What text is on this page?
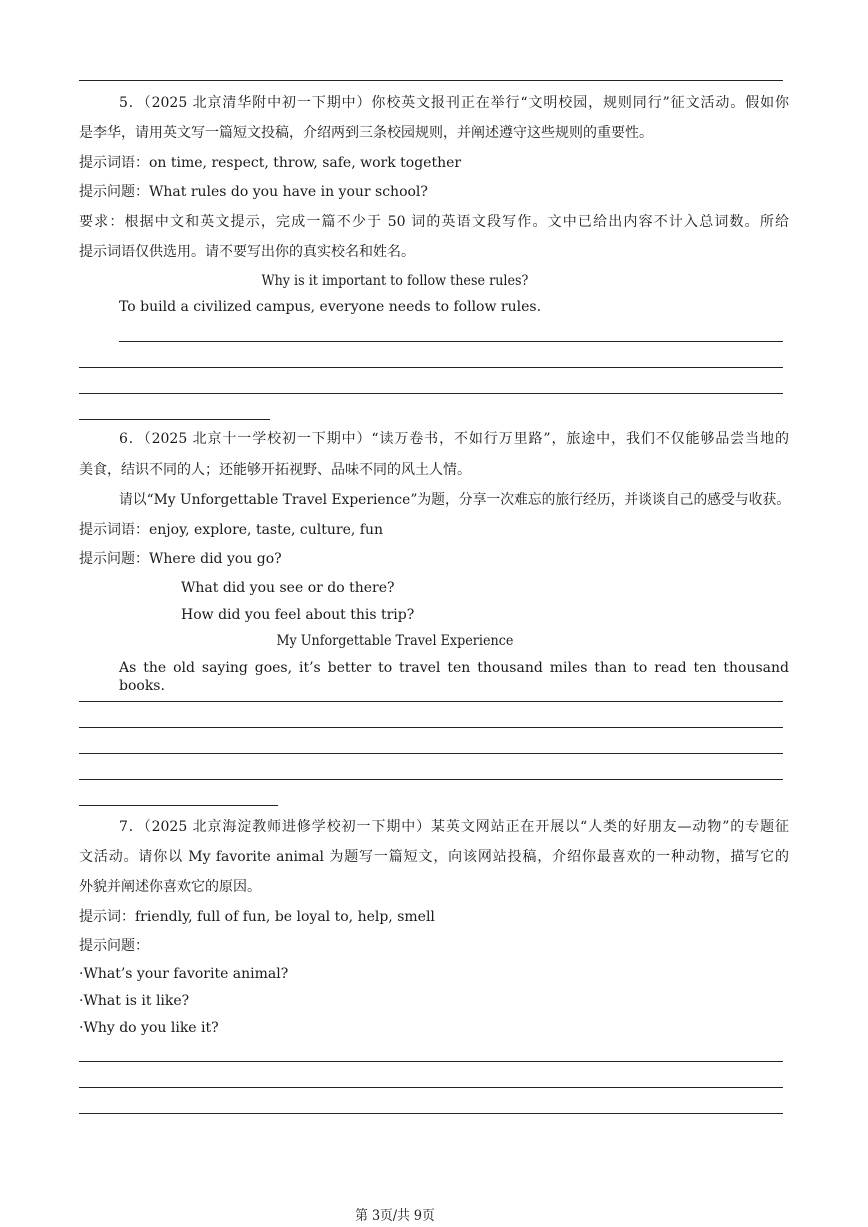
5．（2025 北京清华附中初一下期中）你校英文报刊正在举行“文明校园，规则同行”征文活动。假如你
是李华，请用英文写一篇短文投稿，介绍两到三条校园规则，并阐述遵守这些规则的重要性。
提示词语：on time, respect, throw, safe, work together
提示问题：What rules do you have in your school?
要求：根据中文和英文提示，完成一篇不少于 50 词的英语文段写作。文中已给出内容不计入总词数。所给
提示词语仅供选用。请不要写出你的真实校名和姓名。
Why is it important to follow these rules?
To build a civilized campus, everyone needs to follow rules.
6．（2025 北京十一学校初一下期中）“读万卷书，不如行万里路”，旅途中，我们不仅能够品尝当地的
美食，结识不同的人；还能够开拓视野、品味不同的风土人情。
请以“My Unforgettable Travel Experience”为题，分享一次难忘的旅行经历，并谈谈自己的感受与收获。
提示词语：enjoy, explore, taste, culture, fun
提示问题：Where did you go?
What did you see or do there?
How did you feel about this trip?
My Unforgettable Travel Experience
As the old saying goes, it’s better to travel ten thousand miles than to read ten thousand books.
7．（2025 北京海淀教师进修学校初一下期中）某英文网站正在开展以“人类的好朋友—动物”的专题征
文活动。请你以 My favorite animal 为题写一篇短文，向该网站投稿，介绍你最喜欢的一种动物，描写它的
外貌并阐述你喜欢它的原因。
提示词：friendly, full of fun, be loyal to, help, smell
提示问题：
·What’s your favorite animal?
·What is it like?
·Why do you like it?
第 3页/共 9页
